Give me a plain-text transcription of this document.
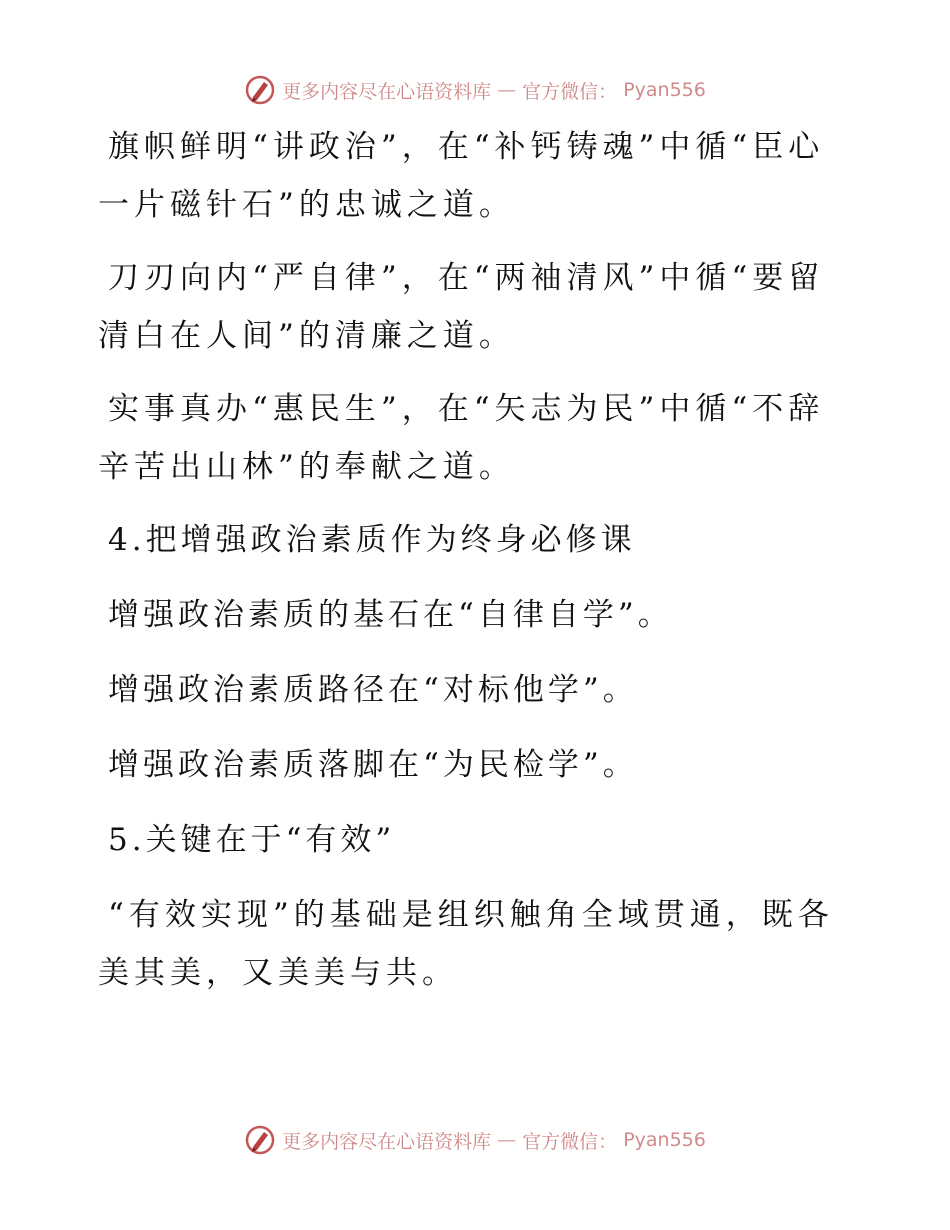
更多内容尽在心语资料库 — 官方微信： Pyan556

旗帜鲜明“讲政治”，在“补钙铸魂”中循“臣心一片磁针石”的忠诚之道。

刀刃向内“严自律”，在“两袖清风”中循“要留清白在人间”的清廉之道。

实事真办“惠民生”，在“矢志为民”中循“不辞辛苦出山林”的奉献之道。

4.把增强政治素质作为终身必修课

增强政治素质的基石在“自律自学”。

增强政治素质路径在“对标他学”。

增强政治素质落脚在“为民检学”。

5.关键在于“有效”

“有效实现”的基础是组织触角全域贯通，既各美其美，又美美与共。

更多内容尽在心语资料库 — 官方微信： Pyan556
